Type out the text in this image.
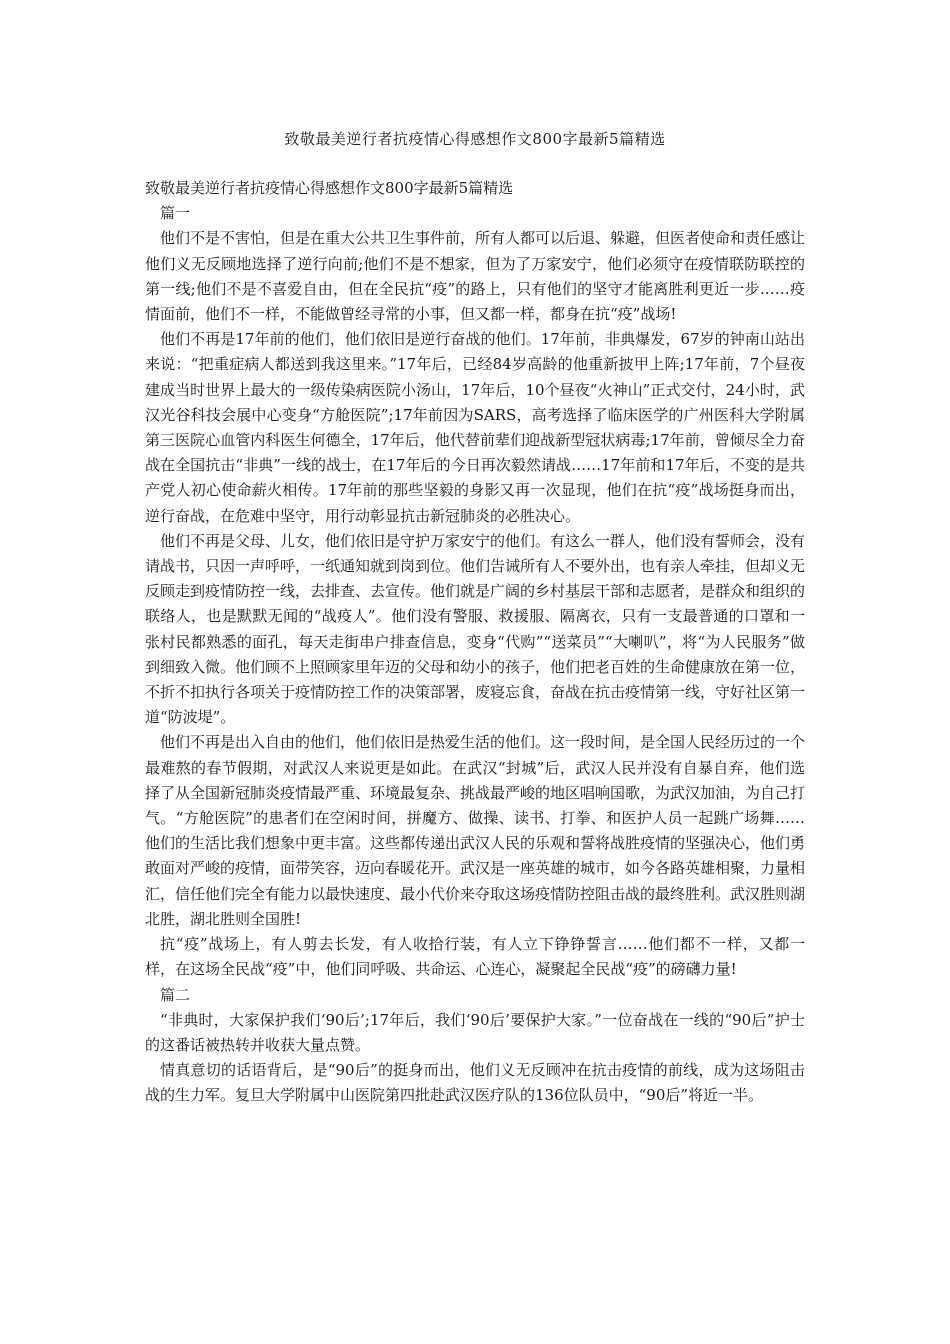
致敬最美逆行者抗疫情心得感想作文800字最新5篇精选

致敬最美逆行者抗疫情心得感想作文800字最新5篇精选

篇一

他们不是不害怕，但是在重大公共卫生事件前，所有人都可以后退、躲避，但医者使命和责任感让他们义无反顾地选择了逆行向前;他们不是不想家，但为了万家安宁，他们必须守在疫情联防联控的第一线;他们不是不喜爱自由，但在全民抗“疫”的路上，只有他们的坚守才能离胜利更近一步……疫情面前，他们不一样，不能做曾经寻常的小事，但又都一样，都身在抗“疫”战场!

他们不再是17年前的他们，他们依旧是逆行奋战的他们。17年前，非典爆发，67岁的钟南山站出来说：“把重症病人都送到我这里来。”17年后，已经84岁高龄的他重新披甲上阵;17年前，7个昼夜建成当时世界上最大的一级传染病医院小汤山，17年后，10个昼夜“火神山”正式交付，24小时，武汉光谷科技会展中心变身“方舱医院”;17年前因为SARS，高考选择了临床医学的广州医科大学附属第三医院心血管内科医生何德全，17年后，他代替前辈们迎战新型冠状病毒;17年前，曾倾尽全力奋战在全国抗击“非典”一线的战士，在17年后的今日再次毅然请战……17年前和17年后，不变的是共产党人初心使命薪火相传。17年前的那些坚毅的身影又再一次显现，他们在抗“疫”战场挺身而出，逆行奋战，在危难中坚守，用行动彰显抗击新冠肺炎的必胜决心。

他们不再是父母、儿女，他们依旧是守护万家安宁的他们。有这么一群人，他们没有誓师会，没有请战书，只因一声呼呼，一纸通知就到岗到位。他们告诫所有人不要外出，也有亲人牵挂，但却义无反顾走到疫情防控一线，去排查、去宣传。他们就是广阔的乡村基层干部和志愿者，是群众和组织的联络人，也是默默无闻的“战疫人”。他们没有警服、救援服、隔离衣，只有一支最普通的口罩和一张村民都熟悉的面孔，每天走街串户排查信息，变身“代购”“送菜员”“大喇叭”，将“为人民服务”做到细致入微。他们顾不上照顾家里年迈的父母和幼小的孩子，他们把老百姓的生命健康放在第一位，不折不扣执行各项关于疫情防控工作的决策部署，废寝忘食，奋战在抗击疫情第一线，守好社区第一道“防波堤”。

他们不再是出入自由的他们，他们依旧是热爱生活的他们。这一段时间，是全国人民经历过的一个最难熬的春节假期，对武汉人来说更是如此。在武汉“封城”后，武汉人民并没有自暴自弃，他们选择了从全国新冠肺炎疫情最严重、环境最复杂、挑战最严峻的地区唱响国歌，为武汉加油，为自己打气。“方舱医院”的患者们在空闲时间，拼魔方、做操、读书、打拳、和医护人员一起跳广场舞……他们的生活比我们想象中更丰富。这些都传递出武汉人民的乐观和誓将战胜疫情的坚强决心，他们勇敢面对严峻的疫情，面带笑容，迈向春暖花开。武汉是一座英雄的城市，如今各路英雄相聚，力量相汇，信任他们完全有能力以最快速度、最小代价来夺取这场疫情防控阻击战的最终胜利。武汉胜则湖北胜，湖北胜则全国胜!

抗“疫”战场上，有人剪去长发，有人收拾行装，有人立下铮铮誓言……他们都不一样，又都一样，在这场全民战“疫”中，他们同呼吸、共命运、心连心，凝聚起全民战“疫”的磅礴力量!

篇二

“非典时，大家保护我们‘90后’;17年后，我们‘90后’要保护大家。”一位奋战在一线的“90后”护士的这番话被热转并收获大量点赞。

情真意切的话语背后，是“90后”的挺身而出，他们义无反顾冲在抗击疫情的前线，成为这场阻击战的生力军。复旦大学附属中山医院第四批赴武汉医疗队的136位队员中，“90后”将近一半。
